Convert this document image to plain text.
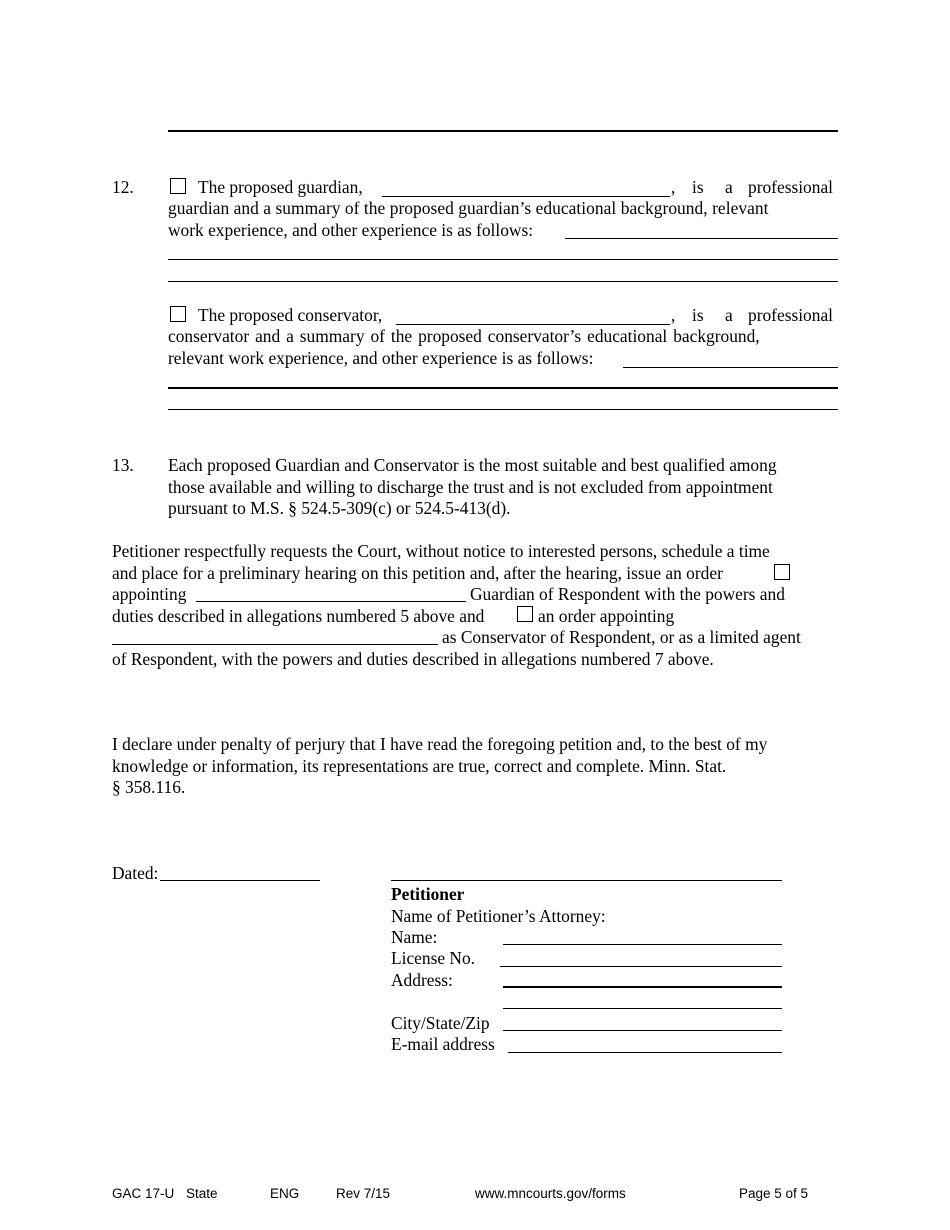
12.	The proposed guardian,	, is a professional
guardian and a summary of the proposed guardian’s educational background, relevant
work experience, and other experience is as follows:
The proposed conservator,	, is a professional
conservator and a summary of the proposed conservator’s educational background,
relevant work experience, and other experience is as follows:
13. Each proposed Guardian and Conservator is the most suitable and best qualified among
those available and willing to discharge the trust and is not excluded from appointment
pursuant to M.S. § 524.5-309(c) or 524.5-413(d).
Petitioner respectfully requests the Court, without notice to interested persons, schedule a time
and place for a preliminary hearing on this petition and, after the hearing, issue an order
appointing	Guardian of Respondent with the powers and
duties described in allegations numbered 5 above and	an order appointing
as Conservator of Respondent, or as a limited agent
of Respondent, with the powers and duties described in allegations numbered 7 above.
I declare under penalty of perjury that I have read the foregoing petition and, to the best of my
knowledge or information, its representations are true, correct and complete. Minn. Stat.
§ 358.116.
Dated:
Petitioner
Name of Petitioner’s Attorney:
Name:
License No.
Address:
City/State/Zip
E-mail address
GAC 17-U State	ENG	Rev 7/15	www.mncourts.gov/forms	Page 5 of 5
